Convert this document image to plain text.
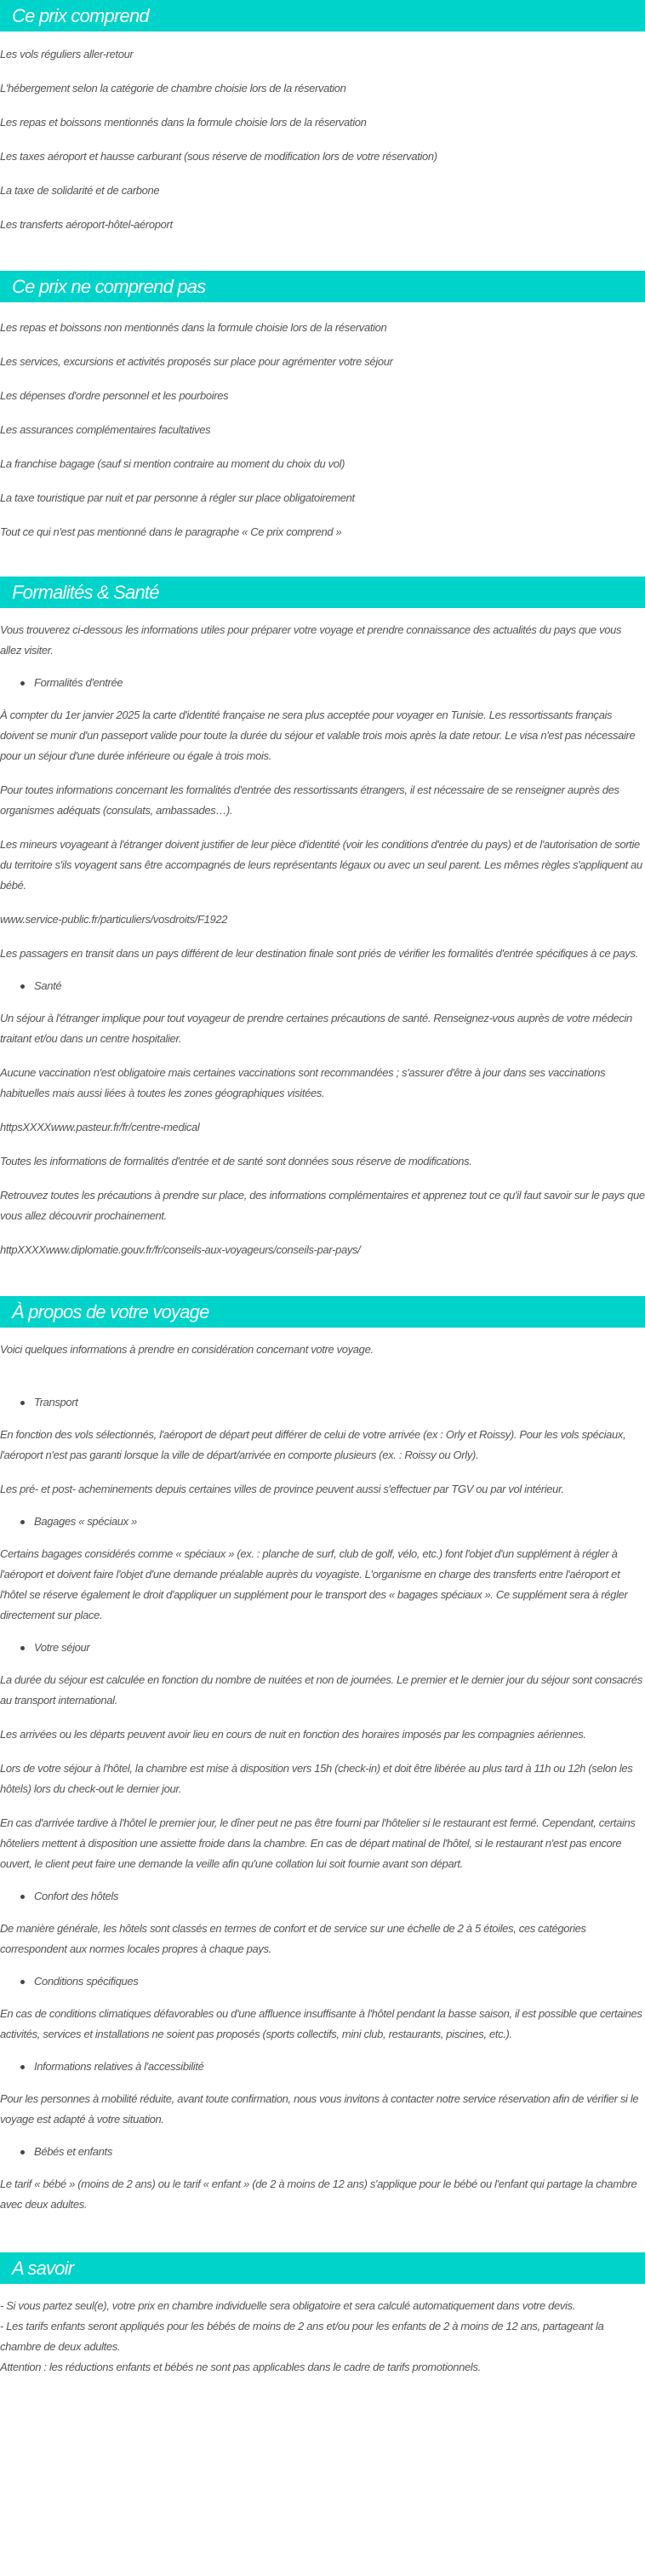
Ce prix comprend
Les vols réguliers aller-retour
L'hébergement selon la catégorie de chambre choisie lors de la réservation
Les repas et boissons mentionnés dans la formule choisie lors de la réservation
Les taxes aéroport et hausse carburant (sous réserve de modification lors de votre réservation)
La taxe de solidarité et de carbone
Les transferts aéroport-hôtel-aéroport
Ce prix ne comprend pas
Les repas et boissons non mentionnés dans la formule choisie lors de la réservation
Les services, excursions et activités proposés sur place pour agrémenter votre séjour
Les dépenses d'ordre personnel et les pourboires
Les assurances complémentaires facultatives
La franchise bagage (sauf si mention contraire au moment du choix du vol)
La taxe touristique par nuit et par personne à régler sur place obligatoirement
Tout ce qui n'est pas mentionné dans le paragraphe « Ce prix comprend »
Formalités & Santé

Vous trouverez ci-dessous les informations utiles pour préparer votre voyage et prendre connaissance des actualités du pays que vous allez visiter.

Formalités d'entrée

À compter du 1er janvier 2025 la carte d'identité française ne sera plus acceptée pour voyager en Tunisie. Les ressortissants français doivent se munir d'un passeport valide pour toute la durée du séjour et valable trois mois après la date retour. Le visa n'est pas nécessaire pour un séjour d'une durée inférieure ou égale à trois mois.

Pour toutes informations concernant les formalités d'entrée des ressortissants étrangers, il est nécessaire de se renseigner auprès des organismes adéquats (consulats, ambassades…).

Les mineurs voyageant à l'étranger doivent justifier de leur pièce d'identité (voir les conditions d'entrée du pays) et de l'autorisation de sortie du territoire s'ils voyagent sans être accompagnés de leurs représentants légaux ou avec un seul parent. Les mêmes règles s'appliquent au bébé.

www.service-public.fr/particuliers/vosdroits/F1922

Les passagers en transit dans un pays différent de leur destination finale sont priés de vérifier les formalités d'entrée spécifiques à ce pays.

Santé

Un séjour à l'étranger implique pour tout voyageur de prendre certaines précautions de santé. Renseignez-vous auprès de votre médecin traitant et/ou dans un centre hospitalier.

Aucune vaccination n'est obligatoire mais certaines vaccinations sont recommandées ; s'assurer d'être à jour dans ses vaccinations habituelles mais aussi liées à toutes les zones géographiques visitées.

httpsXXXXwww.pasteur.fr/fr/centre-medical

Toutes les informations de formalités d'entrée et de santé sont données sous réserve de modifications.

Retrouvez toutes les précautions à prendre sur place, des informations complémentaires et apprenez tout ce qu'il faut savoir sur le pays que vous allez découvrir prochainement.

httpXXXXwww.diplomatie.gouv.fr/fr/conseils-aux-voyageurs/conseils-par-pays/

À propos de votre voyage

Voici quelques informations à prendre en considération concernant votre voyage.

Transport

En fonction des vols sélectionnés, l'aéroport de départ peut différer de celui de votre arrivée (ex : Orly et Roissy). Pour les vols spéciaux, l'aéroport n'est pas garanti lorsque la ville de départ/arrivée en comporte plusieurs (ex. : Roissy ou Orly).

Les pré- et post- acheminements depuis certaines villes de province peuvent aussi s'effectuer par TGV ou par vol intérieur.

Bagages « spéciaux »

Certains bagages considérés comme « spéciaux » (ex. : planche de surf, club de golf, vélo, etc.) font l'objet d'un supplément à régler à l'aéroport et doivent faire l'objet d'une demande préalable auprès du voyagiste. L'organisme en charge des transferts entre l'aéroport et l'hôtel se réserve également le droit d'appliquer un supplément pour le transport des « bagages spéciaux ». Ce supplément sera à régler directement sur place.

Votre séjour

La durée du séjour est calculée en fonction du nombre de nuitées et non de journées. Le premier et le dernier jour du séjour sont consacrés au transport international.

Les arrivées ou les départs peuvent avoir lieu en cours de nuit en fonction des horaires imposés par les compagnies aériennes.

Lors de votre séjour à l'hôtel, la chambre est mise à disposition vers 15h (check-in) et doit être libérée au plus tard à 11h ou 12h (selon les hôtels) lors du check-out le dernier jour.

En cas d'arrivée tardive à l'hôtel le premier jour, le dîner peut ne pas être fourni par l'hôtelier si le restaurant est fermé. Cependant, certains hôteliers mettent à disposition une assiette froide dans la chambre. En cas de départ matinal de l'hôtel, si le restaurant n'est pas encore ouvert, le client peut faire une demande la veille afin qu'une collation lui soit fournie avant son départ.

Confort des hôtels

De manière générale, les hôtels sont classés en termes de confort et de service sur une échelle de 2 à 5 étoiles, ces catégories correspondent aux normes locales propres à chaque pays.

Conditions spécifiques

En cas de conditions climatiques défavorables ou d'une affluence insuffisante à l'hôtel pendant la basse saison, il est possible que certaines activités, services et installations ne soient pas proposés (sports collectifs, mini club, restaurants, piscines, etc.).

Informations relatives à l'accessibilité

Pour les personnes à mobilité réduite, avant toute confirmation, nous vous invitons à contacter notre service réservation afin de vérifier si le voyage est adapté à votre situation.

Bébés et enfants

Le tarif « bébé » (moins de 2 ans) ou le tarif « enfant » (de 2 à moins de 12 ans) s'applique pour le bébé ou l'enfant qui partage la chambre avec deux adultes.

A savoir

- Si vous partez seul(e), votre prix en chambre individuelle sera obligatoire et sera calculé automatiquement dans votre devis.

- Les tarifs enfants seront appliqués pour les bébés de moins de 2 ans et/ou pour les enfants de 2 à moins de 12 ans, partageant la chambre de deux adultes.

Attention : les réductions enfants et bébés ne sont pas applicables dans le cadre de tarifs promotionnels.
